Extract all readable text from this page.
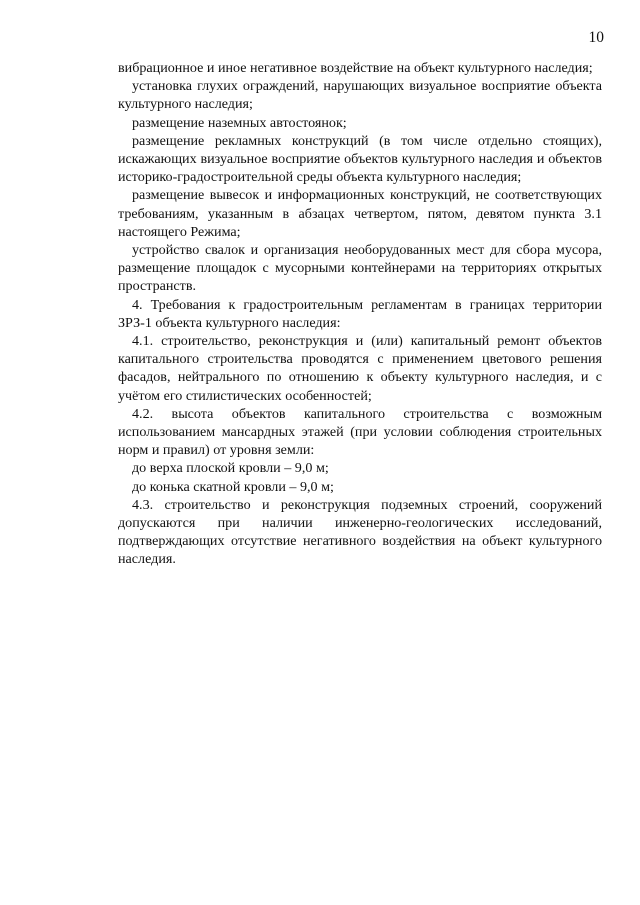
10

вибрационное и иное негативное воздействие на объект культурного наследия;

установка глухих ограждений, нарушающих визуальное восприятие объекта культурного наследия;

размещение наземных автостоянок;

размещение рекламных конструкций (в том числе отдельно стоящих), искажающих визуальное восприятие объектов культурного наследия и объектов историко-градостроительной среды объекта культурного наследия;

размещение вывесок и информационных конструкций, не соответствующих требованиям, указанным в абзацах четвертом, пятом, девятом пункта 3.1 настоящего Режима;

устройство свалок и организация необорудованных мест для сбора мусора, размещение площадок с мусорными контейнерами на территориях открытых пространств.

4. Требования к градостроительным регламентам в границах территории ЗРЗ-1 объекта культурного наследия:

4.1. строительство, реконструкция и (или) капитальный ремонт объектов капитального строительства проводятся с применением цветового решения фасадов, нейтрального по отношению к объекту культурного наследия, и с учётом его стилистических особенностей;

4.2. высота объектов капитального строительства с возможным использованием мансардных этажей (при условии соблюдения строительных норм и правил) от уровня земли:

до верха плоской кровли – 9,0 м;

до конька скатной кровли – 9,0 м;

4.3. строительство и реконструкция подземных строений, сооружений допускаются при наличии инженерно-геологических исследований, подтверждающих отсутствие негативного воздействия на объект культурного наследия.
